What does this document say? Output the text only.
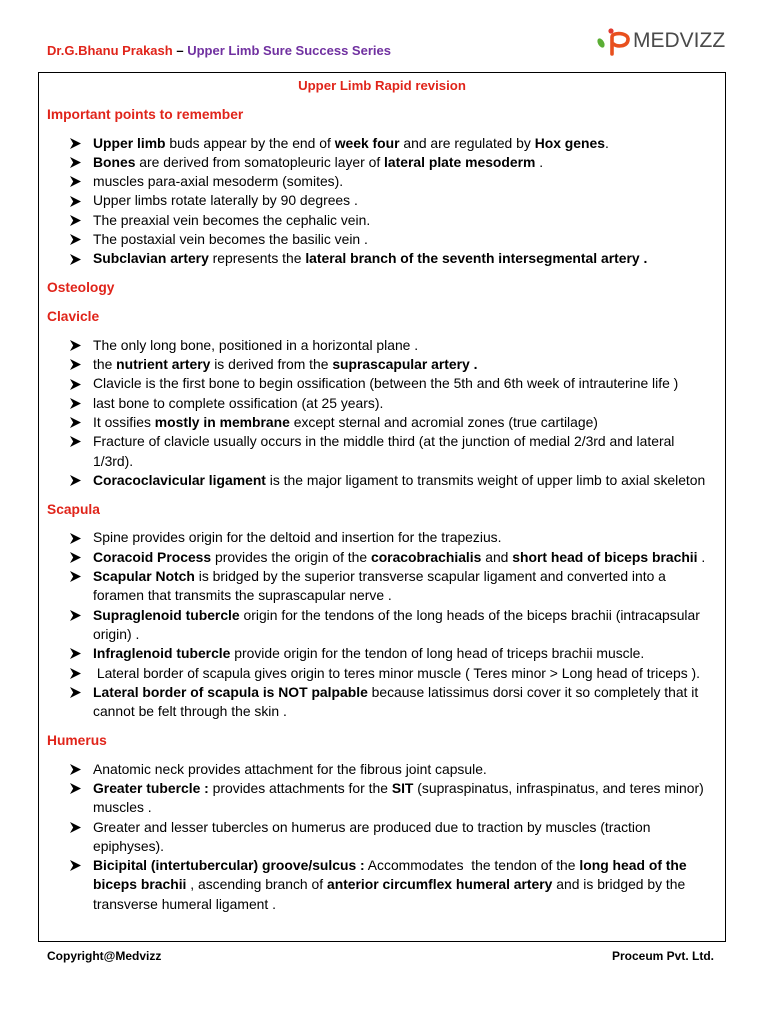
Dr.G.Bhanu Prakash – Upper Limb Sure Success Series	MEDVIZZ
Upper Limb Rapid revision
Important points to remember
Upper limb buds appear by the end of week four and are regulated by Hox genes.
Bones are derived from somatopleuric layer of lateral plate mesoderm .
muscles para-axial mesoderm (somites).
Upper limbs rotate laterally by 90 degrees .
The preaxial vein becomes the cephalic vein.
The postaxial vein becomes the basilic vein .
Subclavian artery represents the lateral branch of the seventh intersegmental artery .
Osteology
Clavicle
The only long bone, positioned in a horizontal plane .
the nutrient artery is derived from the suprascapular artery .
Clavicle is the first bone to begin ossification (between the 5th and 6th week of intrauterine life )
last bone to complete ossification (at 25 years).
It ossifies mostly in membrane except sternal and acromial zones (true cartilage)
Fracture of clavicle usually occurs in the middle third (at the junction of medial 2/3rd and lateral
1/3rd).
Coracoclavicular ligament is the major ligament to transmits weight of upper limb to axial skeleton
Scapula
Spine provides origin for the deltoid and insertion for the trapezius.
Coracoid Process provides the origin of the coracobrachialis and short head of biceps brachii .
Scapular Notch is bridged by the superior transverse scapular ligament and converted into a
foramen that transmits the suprascapular nerve .
Supraglenoid tubercle origin for the tendons of the long heads of the biceps brachii (intracapsular
origin) .
Infraglenoid tubercle provide origin for the tendon of long head of triceps brachii muscle.
Lateral border of scapula gives origin to teres minor muscle ( Teres minor > Long head of triceps ).
Lateral border of scapula is NOT palpable because latissimus dorsi cover it so completely that it
cannot be felt through the skin .
Humerus
Anatomic neck provides attachment for the fibrous joint capsule.
Greater tubercle : provides attachments for the SIT (supraspinatus, infraspinatus, and teres minor)
muscles .
Greater and lesser tubercles on humerus are produced due to traction by muscles (traction
epiphyses).
Bicipital (intertubercular) groove/sulcus : Accommodates  the tendon of the long head of the
biceps brachii , ascending branch of anterior circumflex humeral artery and is bridged by the
transverse humeral ligament .
Copyright@Medvizz	Proceum Pvt. Ltd.
